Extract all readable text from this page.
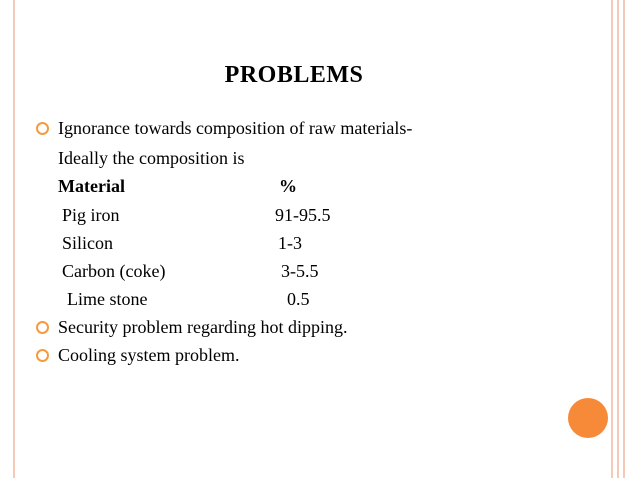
PROBLEMS
Ignorance towards composition of raw materials-
Ideally the composition is
Material	%
Pig iron	91-95.5
Silicon	1-3
Carbon (coke)	3-5.5
Lime stone	0.5
Security problem regarding hot dipping.
Cooling system problem.
